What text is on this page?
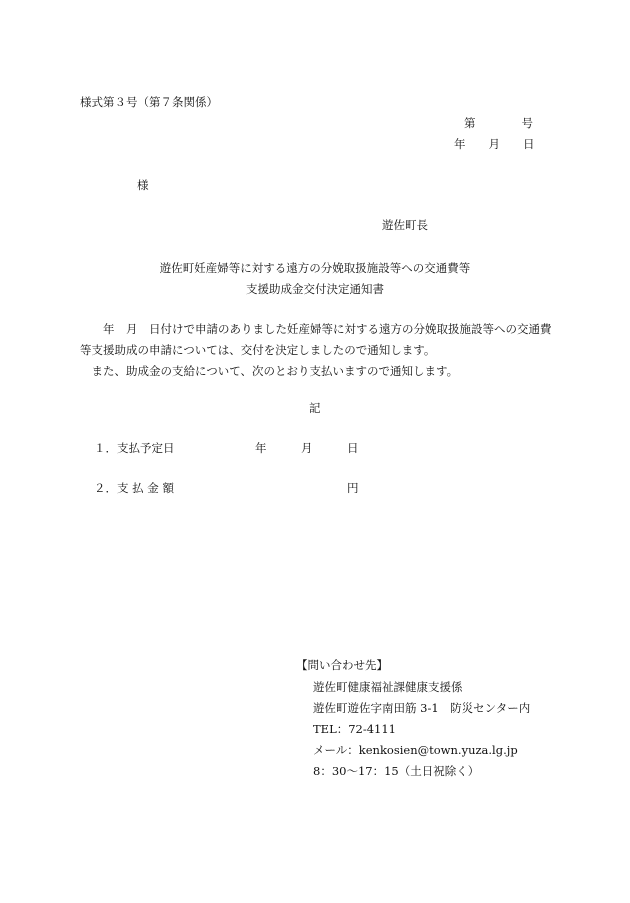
様式第３号（第７条関係）
第　　　　号
年　　月　　日
様
遊佐町長
遊佐町妊産婦等に対する遠方の分娩取扱施設等への交通費等
支援助成金交付決定通知書

年　月　日付けで申請のありました妊産婦等に対する遠方の分娩取扱施設等への交通費等支援助成の申請については、交付を決定しましたので通知します。

また、助成金の支給について、次のとおり支払いますので通知します。

記
１．支払予定日	年	月	日
２．支 払 金 額	円
【問い合わせ先】
遊佐町健康福祉課健康支援係
遊佐町遊佐字南田筋 3-1　防災センター内
TEL：72-4111
メール：kenkosien@town.yuza.lg.jp
8：30～17：15（土日祝除く）
